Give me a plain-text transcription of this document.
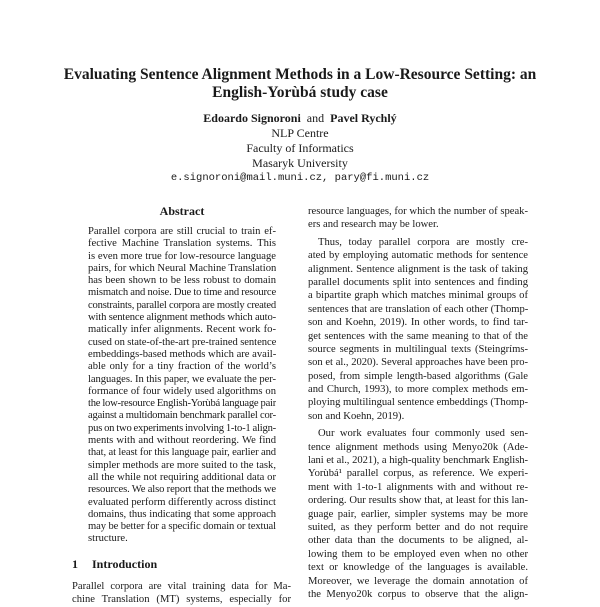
Evaluating Sentence Alignment Methods in a Low-Resource Setting: an
English-Yorùbá study case
Edoardo Signoroni and Pavel Rychlý
NLP Centre
Faculty of Informatics
Masaryk University
e.signoroni@mail.muni.cz, pary@fi.muni.cz
Abstract
Parallel corpora are still crucial to train ef-
fective Machine Translation systems. This
is even more true for low-resource language
pairs, for which Neural Machine Translation
has been shown to be less robust to domain
mismatch and noise. Due to time and resource
constraints, parallel corpora are mostly created
with sentence alignment methods which auto-
matically infer alignments. Recent work fo-
cused on state-of-the-art pre-trained sentence
embeddings-based methods which are avail-
able only for a tiny fraction of the world’s
languages. In this paper, we evaluate the per-
formance of four widely used algorithms on
the low-resource English-Yorùbá language pair
against a multidomain benchmark parallel cor-
pus on two experiments involving 1-to-1 align-
ments with and without reordering. We find
that, at least for this language pair, earlier and
simpler methods are more suited to the task,
all the while not requiring additional data or
resources. We also report that the methods we
evaluated perform differently across distinct
domains, thus indicating that some approach
may be better for a specific domain or textual
structure.
1 Introduction
Parallel corpora are vital training data for Ma-
chine Translation (MT) systems, especially for
resource languages, for which the number of speak-
ers and research may be lower.
Thus, today parallel corpora are mostly cre-
ated by employing automatic methods for sentence
alignment. Sentence alignment is the task of taking
parallel documents split into sentences and finding
a bipartite graph which matches minimal groups of
sentences that are translation of each other (Thomp-
son and Koehn, 2019). In other words, to find tar-
get sentences with the same meaning to that of the
source segments in multilingual texts (Steingríms-
son et al., 2020). Several approaches have been pro-
posed, from simple length-based algorithms (Gale
and Church, 1993), to more complex methods em-
ploying multilingual sentence embeddings (Thomp-
son and Koehn, 2019).
Our work evaluates four commonly used sen-
tence alignment methods using Menyo20k (Ade-
lani et al., 2021), a high-quality benchmark English-
Yorùbá¹ parallel corpus, as reference. We experi-
ment with 1-to-1 alignments with and without re-
ordering. Our results show that, at least for this lan-
guage pair, earlier, simpler systems may be more
suited, as they perform better and do not require
other data than the documents to be aligned, al-
lowing them to be employed even when no other
text or knowledge of the languages is available.
Moreover, we leverage the domain annotation of
the Menyo20k corpus to observe that the align-
